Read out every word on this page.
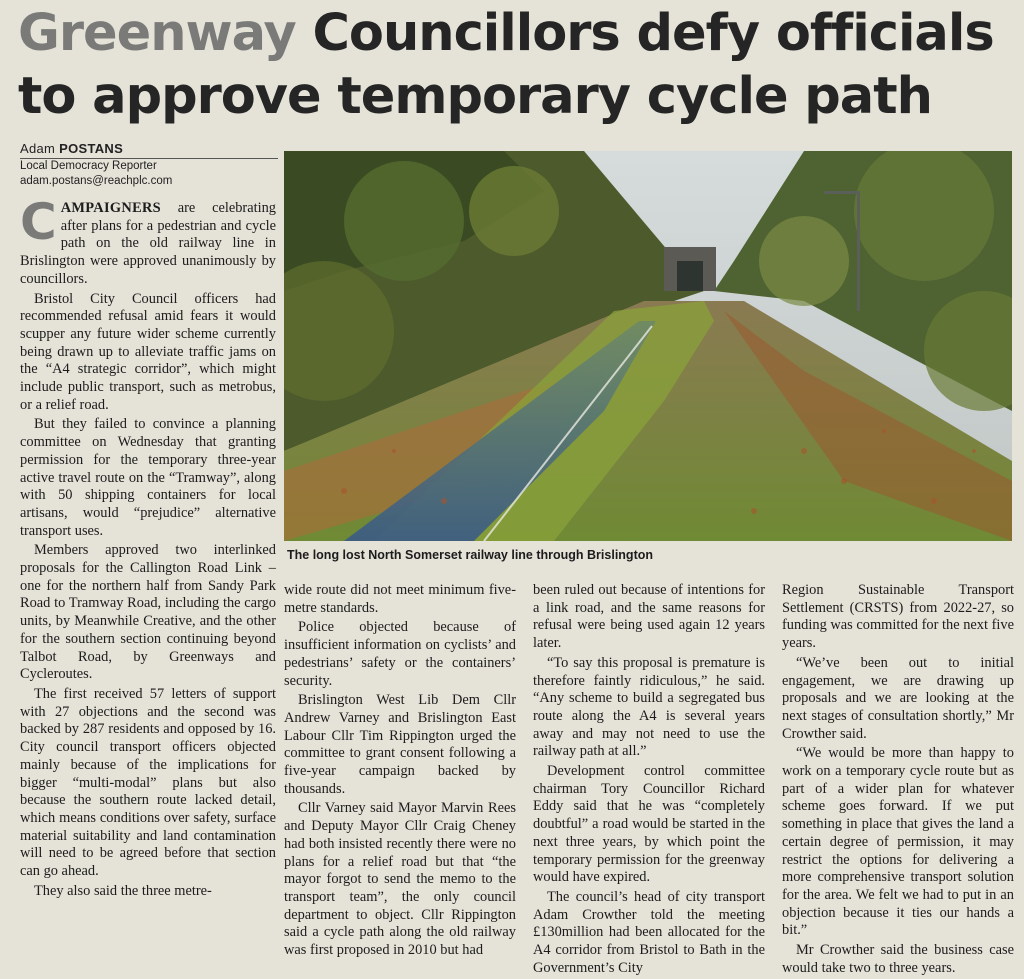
Greenway Councillors defy officials to approve temporary cycle path
Adam POSTANS
Local Democracy Reporter
adam.postans@reachplc.com
The long lost North Somerset railway line through Brislington

CAMPAIGNERS are celebrating after plans for a pedestrian and cycle path on the old railway line in Brislington were approved unanimously by councillors.

Bristol City Council officers had recommended refusal amid fears it would scupper any future wider scheme currently being drawn up to alleviate traffic jams on the “A4 strategic corridor”, which might include public transport, such as metrobus, or a relief road.

But they failed to convince a planning committee on Wednesday that granting permission for the temporary three-year active travel route on the “Tramway”, along with 50 shipping containers for local artisans, would “prejudice” alternative transport uses.

Members approved two interlinked proposals for the Callington Road Link – one for the northern half from Sandy Park Road to Tramway Road, including the cargo units, by Meanwhile Creative, and the other for the southern section continuing beyond Talbot Road, by Greenways and Cycleroutes.

The first received 57 letters of support with 27 objections and the second was backed by 287 residents and opposed by 16. City council transport officers objected mainly because of the implications for bigger “multi-modal” plans but also because the southern route lacked detail, which means conditions over safety, surface material suitability and land contamination will need to be agreed before that section can go ahead.

They also said the three metre-

wide route did not meet minimum five-metre standards.

Police objected because of insufficient information on cyclists’ and pedestrians’ safety or the containers’ security.

Brislington West Lib Dem Cllr Andrew Varney and Brislington East Labour Cllr Tim Rippington urged the committee to grant consent following a five-year campaign backed by thousands.

Cllr Varney said Mayor Marvin Rees and Deputy Mayor Cllr Craig Cheney had both insisted recently there were no plans for a relief road but that “the mayor forgot to send the memo to the transport team”, the only council department to object. Cllr Rippington said a cycle path along the old railway was first proposed in 2010 but had

been ruled out because of intentions for a link road, and the same reasons for refusal were being used again 12 years later.

“To say this proposal is premature is therefore faintly ridiculous,” he said. “Any scheme to build a segregated bus route along the A4 is several years away and may not need to use the railway path at all.”

Development control committee chairman Tory Councillor Richard Eddy said that he was “completely doubtful” a road would be started in the next three years, by which point the temporary permission for the greenway would have expired.

The council’s head of city transport Adam Crowther told the meeting £130million had been allocated for the A4 corridor from Bristol to Bath in the Government’s City

Region Sustainable Transport Settlement (CRSTS) from 2022-27, so funding was committed for the next five years.

“We’ve been out to initial engagement, we are drawing up proposals and we are looking at the next stages of consultation shortly,” Mr Crowther said.

“We would be more than happy to work on a temporary cycle route but as part of a wider plan for whatever scheme goes forward. If we put something in place that gives the land a certain degree of permission, it may restrict the options for delivering a more comprehensive transport solution for the area. We felt we had to put in an objection because it ties our hands a bit.”

Mr Crowther said the business case would take two to three years.
